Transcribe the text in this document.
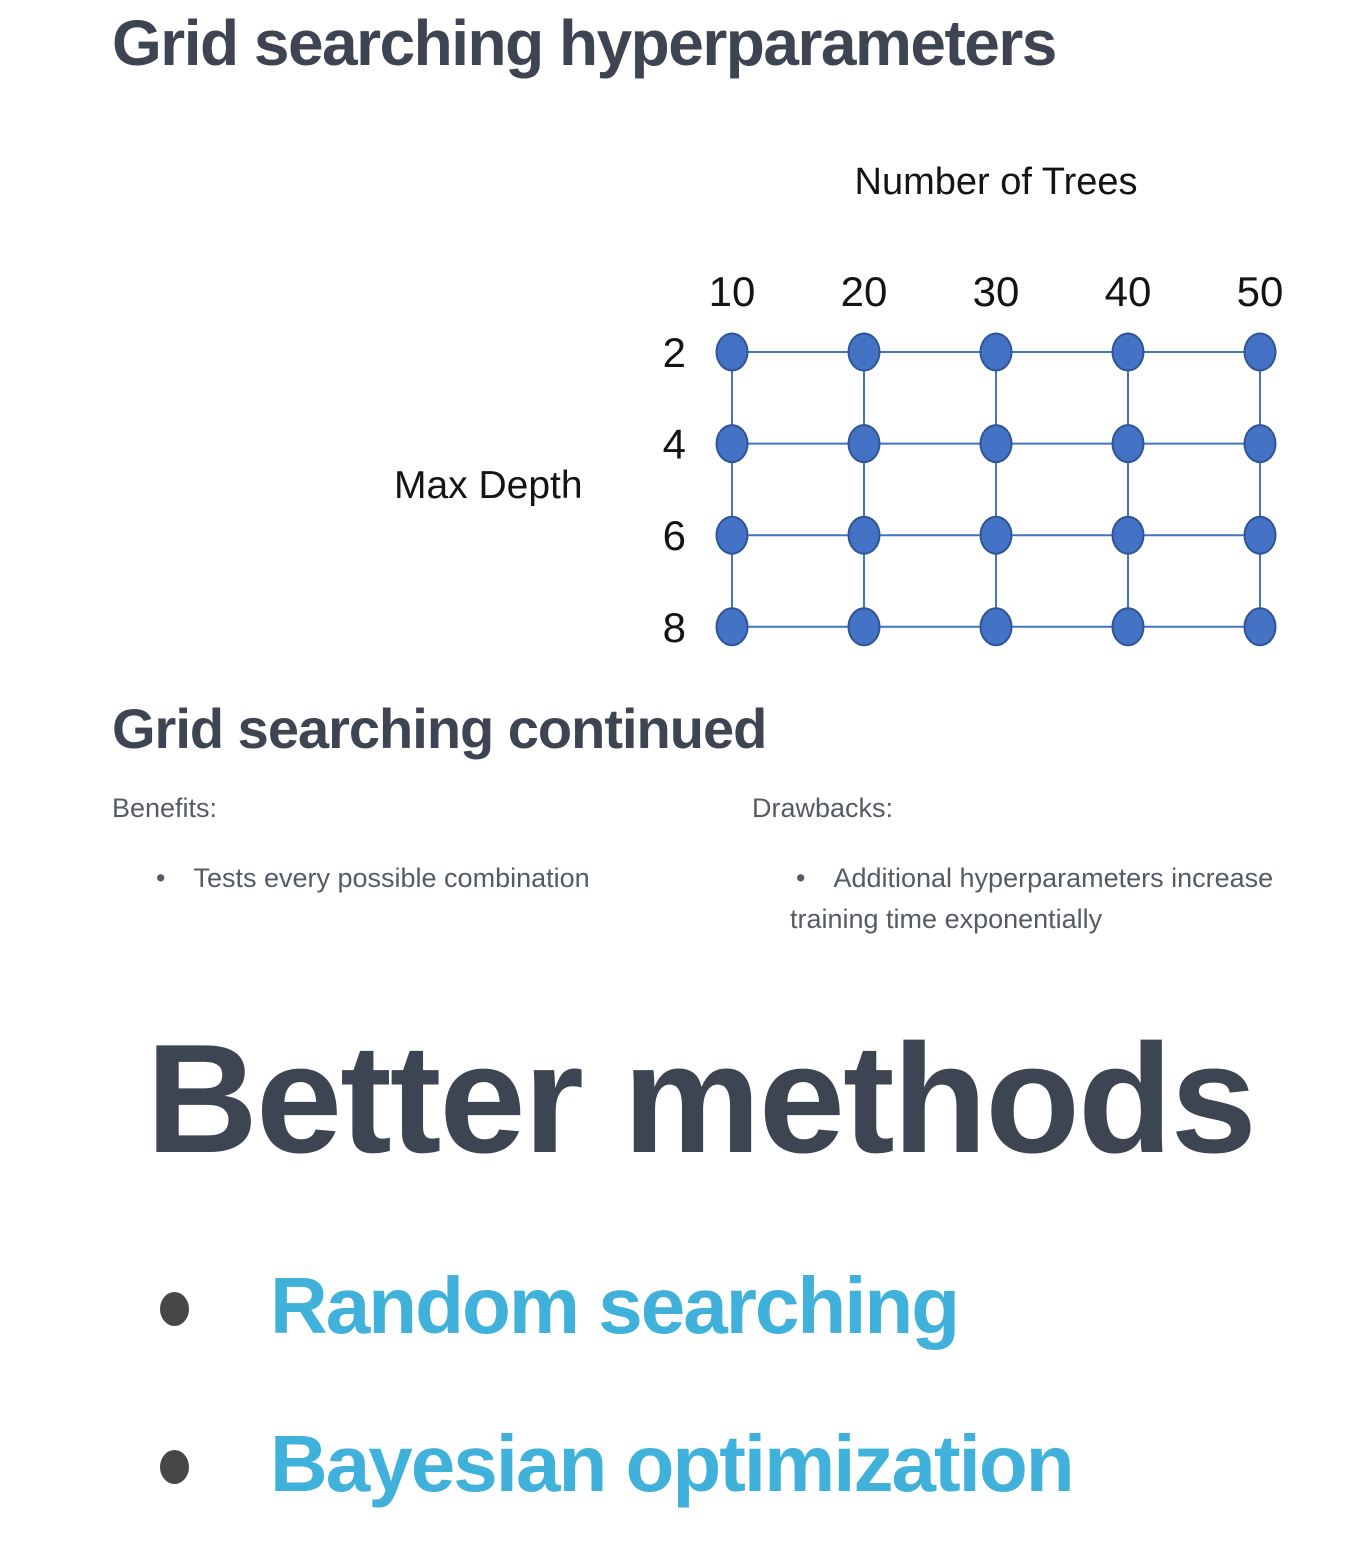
Grid searching hyperparameters
Number of Trees
Max Depth
10 20 30 40 50
2
4
6
8
Grid searching continued
Benefits:	Drawbacks:
• Tests every possible combination	• Additional hyperparameters increase training time exponentially
Better methods
Random searching
Bayesian optimization
